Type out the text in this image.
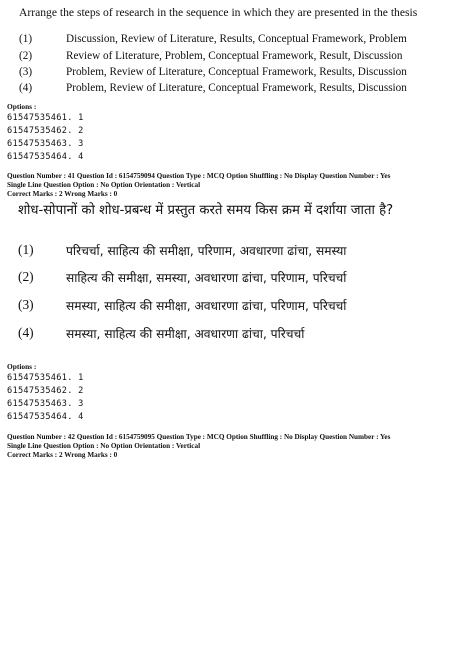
Arrange the steps of research in the sequence in which they are presented in the thesis
(1)	Discussion, Review of Literature, Results, Conceptual Framework, Problem
(2)	Review of Literature, Problem, Conceptual Framework, Result, Discussion
(3)	Problem, Review of Literature, Conceptual Framework, Results, Discussion
(4)	Problem, Review of Literature, Conceptual Framework, Results, Discussion
Options :
61547535461. 1
61547535462. 2
61547535463. 3
61547535464. 4
Question Number : 41 Question Id : 6154759094 Question Type : MCQ Option Shuffling : No Display Question Number : Yes
Single Line Question Option : No Option Orientation : Vertical
Correct Marks : 2 Wrong Marks : 0
शोध-सोपानों को शोध-प्रबन्ध में प्रस्तुत करते समय किस क्रम में दर्शाया जाता है?
(1)	परिचर्चा, साहित्य की समीक्षा, परिणाम, अवधारणा ढांचा, समस्या
(2)	साहित्य की समीक्षा, समस्या, अवधारणा ढांचा, परिणाम, परिचर्चा
(3)	समस्या, साहित्य की समीक्षा, अवधारणा ढांचा, परिणाम, परिचर्चा
(4)	समस्या, साहित्य की समीक्षा, अवधारणा ढांचा, परिचर्चा
Options :
61547535461. 1
61547535462. 2
61547535463. 3
61547535464. 4
Question Number : 42 Question Id : 6154759095 Question Type : MCQ Option Shuffling : No Display Question Number : Yes
Single Line Question Option : No Option Orientation : Vertical
Correct Marks : 2 Wrong Marks : 0
